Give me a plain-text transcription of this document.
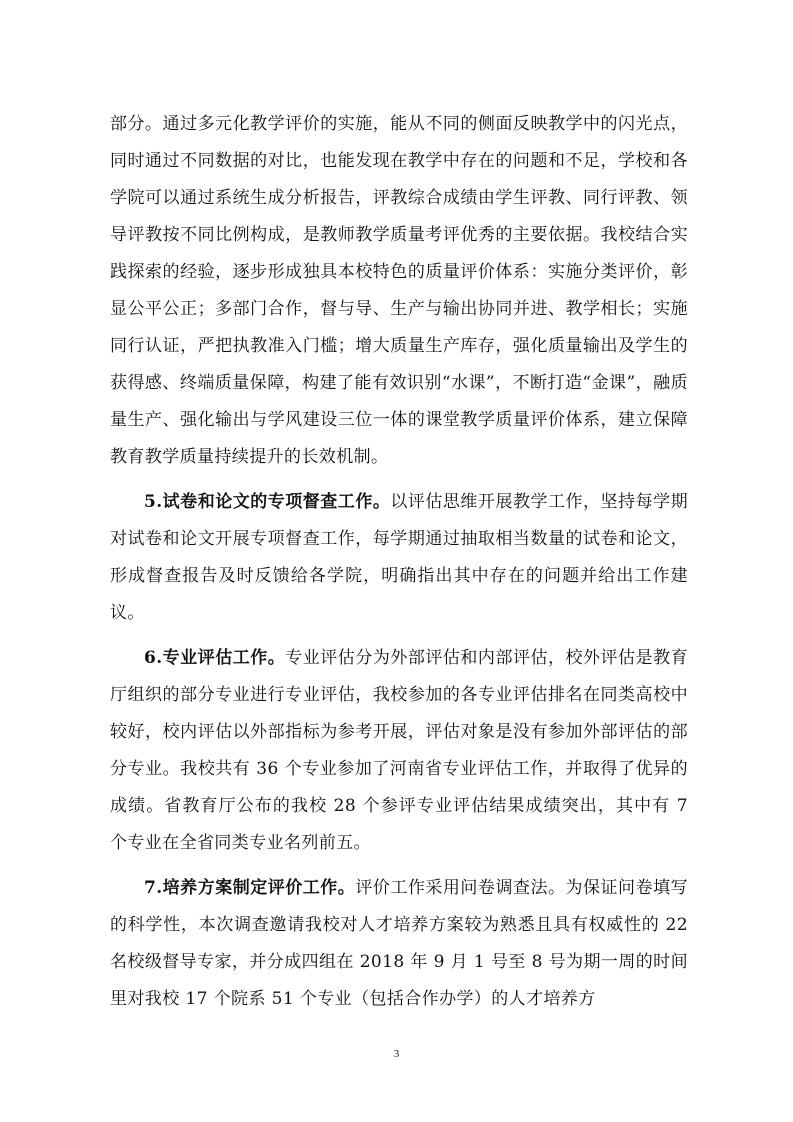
部分。通过多元化教学评价的实施，能从不同的侧面反映教学中的闪光点，同时通过不同数据的对比，也能发现在教学中存在的问题和不足，学校和各学院可以通过系统生成分析报告，评教综合成绩由学生评教、同行评教、领导评教按不同比例构成，是教师教学质量考评优秀的主要依据。我校结合实践探索的经验，逐步形成独具本校特色的质量评价体系：实施分类评价，彰显公平公正；多部门合作，督与导、生产与输出协同并进、教学相长；实施同行认证，严把执教准入门槛；增大质量生产库存，强化质量输出及学生的获得感、终端质量保障，构建了能有效识别“水课”，不断打造“金课”，融质量生产、强化输出与学风建设三位一体的课堂教学质量评价体系，建立保障教育教学质量持续提升的长效机制。

5.试卷和论文的专项督查工作。以评估思维开展教学工作，坚持每学期对试卷和论文开展专项督查工作，每学期通过抽取相当数量的试卷和论文，形成督查报告及时反馈给各学院，明确指出其中存在的问题并给出工作建议。

6.专业评估工作。专业评估分为外部评估和内部评估，校外评估是教育厅组织的部分专业进行专业评估，我校参加的各专业评估排名在同类高校中较好，校内评估以外部指标为参考开展，评估对象是没有参加外部评估的部分专业。我校共有 36 个专业参加了河南省专业评估工作，并取得了优异的成绩。省教育厅公布的我校 28 个参评专业评估结果成绩突出，其中有 7 个专业在全省同类专业名列前五。

7.培养方案制定评价工作。评价工作采用问卷调查法。为保证问卷填写的科学性，本次调查邀请我校对人才培养方案较为熟悉且具有权威性的 22 名校级督导专家，并分成四组在 2018 年 9 月 1 号至 8 号为期一周的时间里对我校 17 个院系 51 个专业（包括合作办学）的人才培养方

3
